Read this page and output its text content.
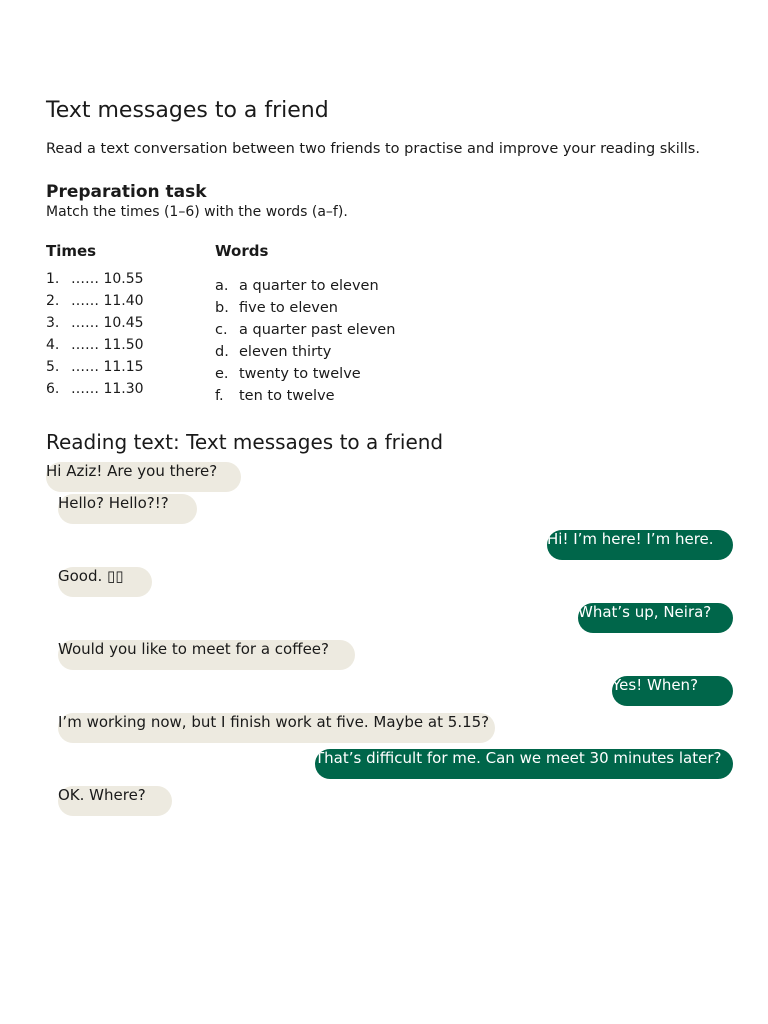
Text messages to a friend
Read a text conversation between two friends to practise and improve your reading skills.
Preparation task
Match the times (1–6) with the words (a–f).
Times	Words
1. …… 10.55
2. …… 11.40
3. …… 10.45
4. …… 11.50
5. …… 11.15
6. …… 11.30
a. a quarter to eleven
b. five to eleven
c. a quarter past eleven
d. eleven thirty
e. twenty to twelve
f.	ten to twelve
Reading text: Text messages to a friend
Hi Aziz! Are you there?
Hello? Hello?!?
Hi! I’m here! I’m here.
Good. ▯▯
What’s up, Neira?
Would you like to meet for a coffee?
Yes! When?
I’m working now, but I finish work at five. Maybe at 5.15?
That’s difficult for me. Can we meet 30 minutes later?
OK. Where?
